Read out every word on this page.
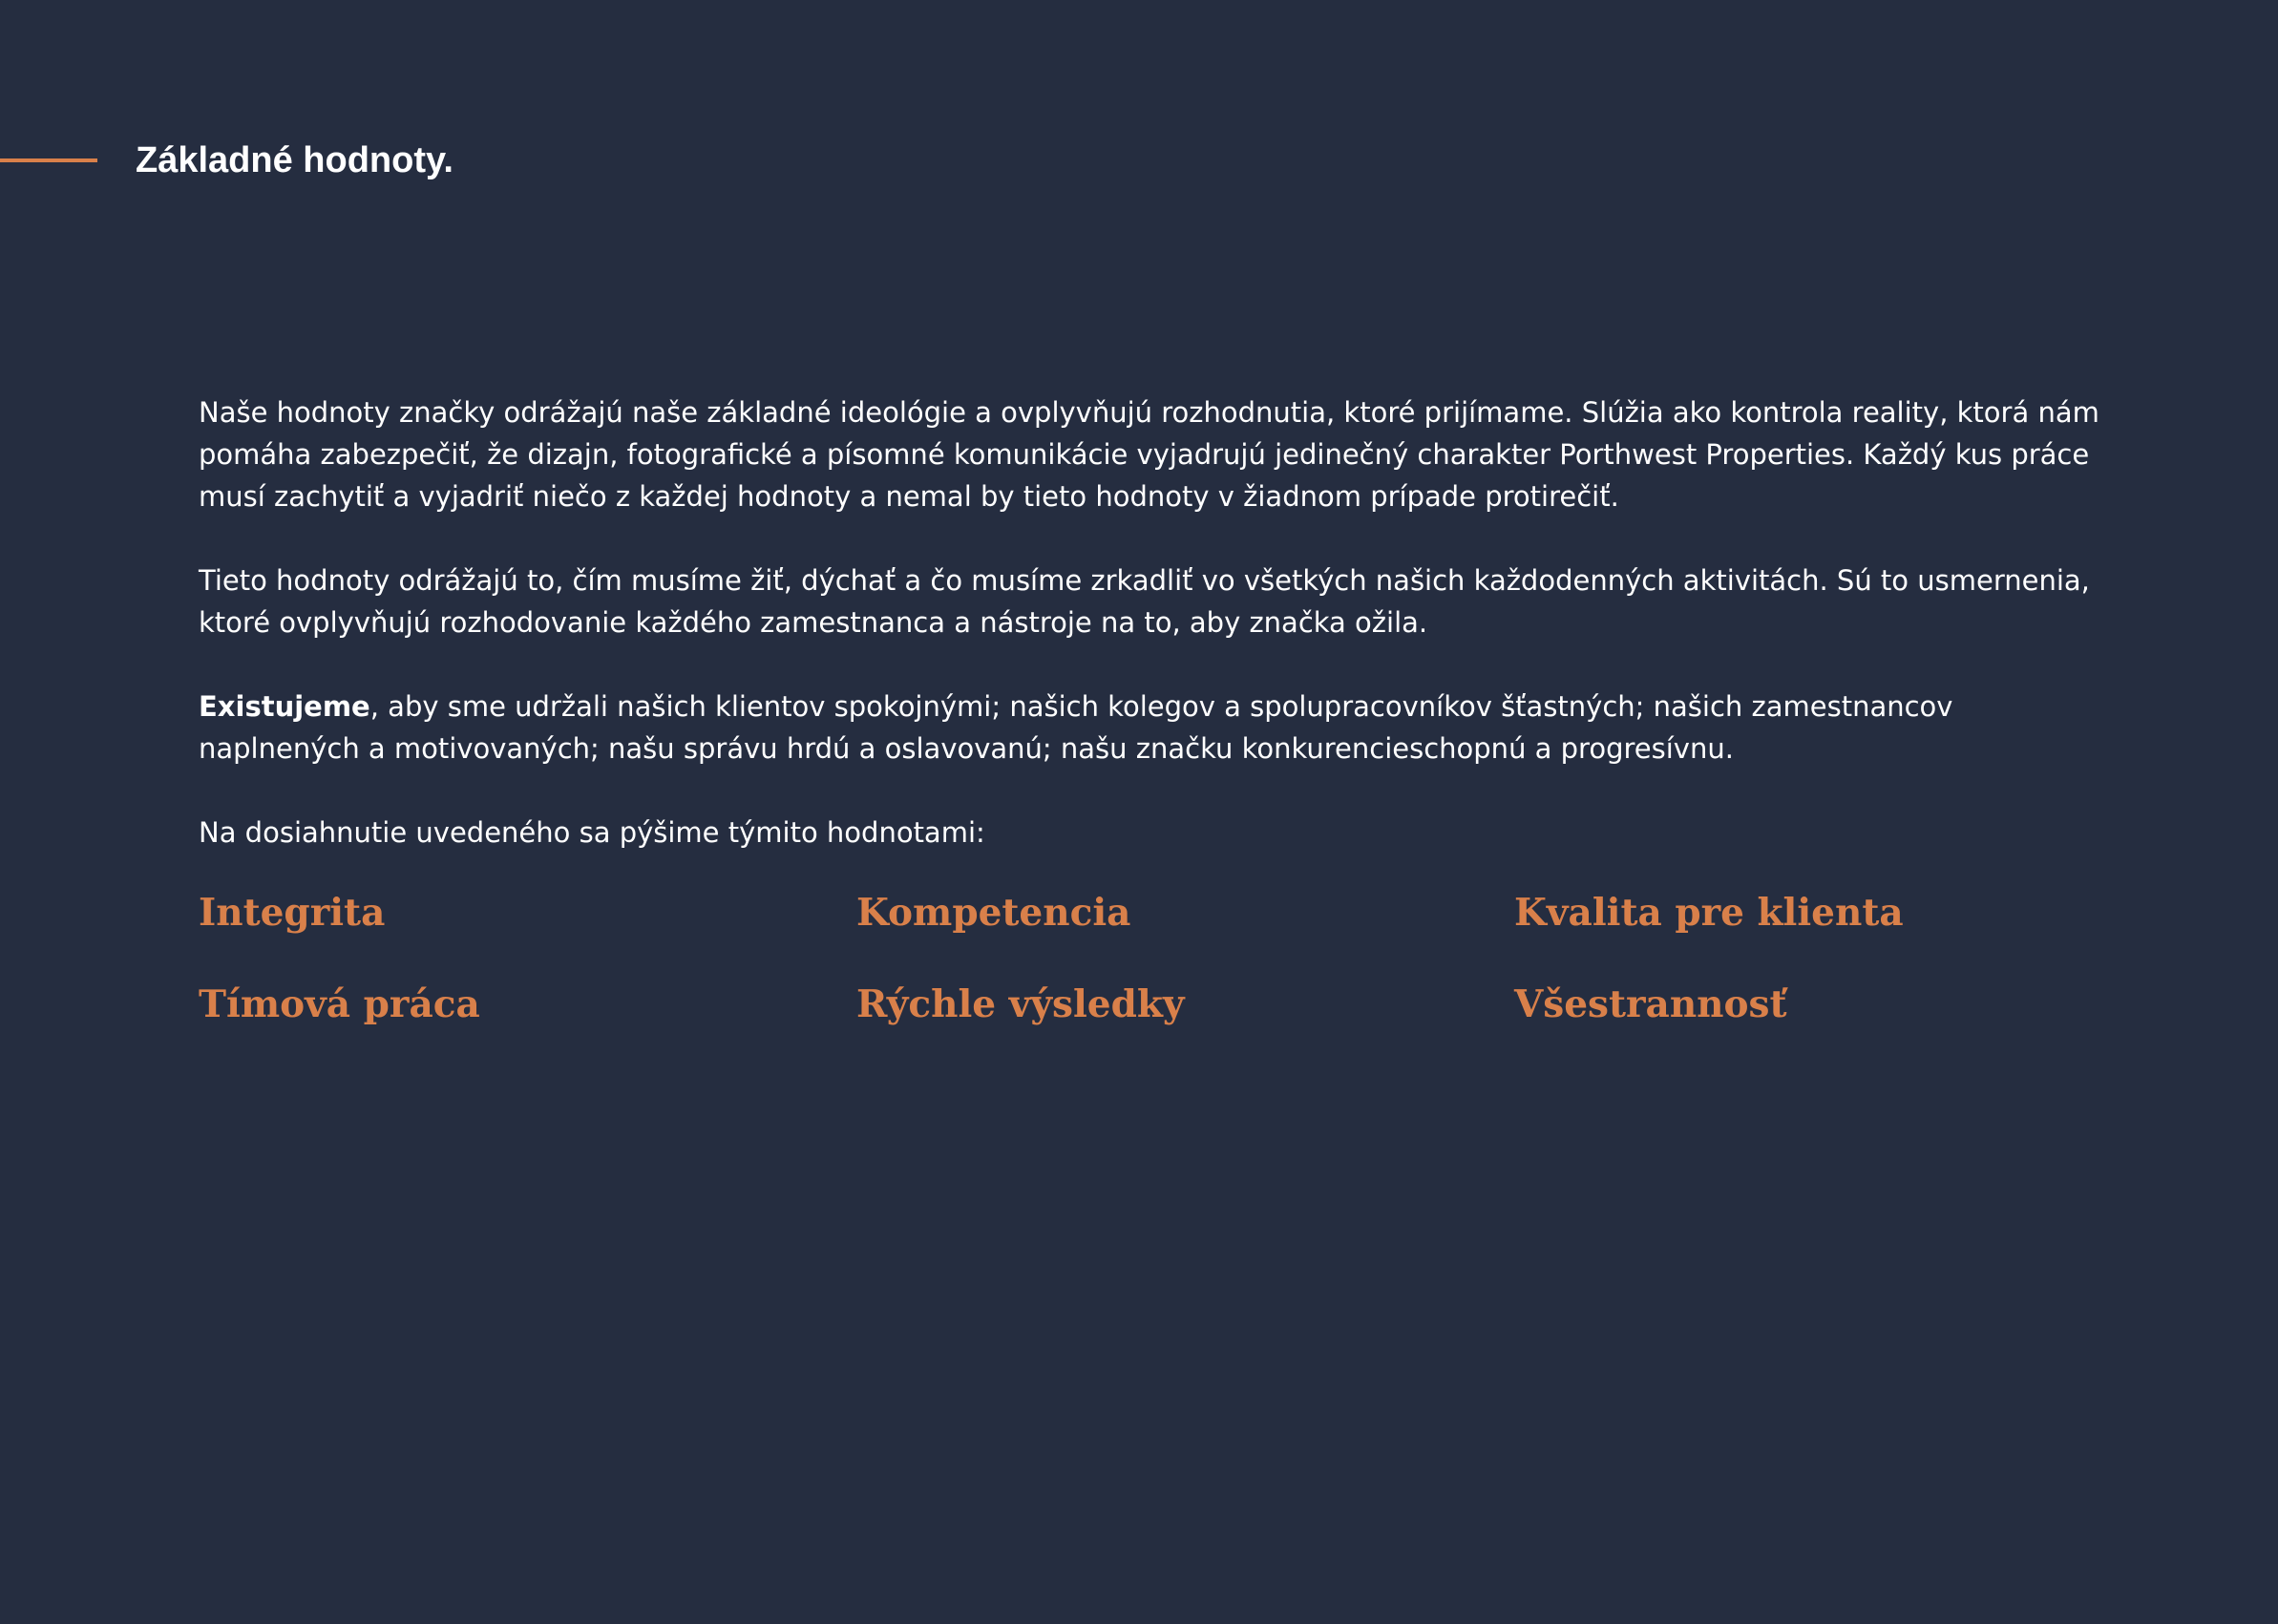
Základné hodnoty.

Naše hodnoty značky odrážajú naše základné ideológie a ovplyvňujú rozhodnutia, ktoré prijímame. Slúžia ako kontrola reality, ktorá nám pomáha zabezpečiť, že dizajn, fotografické a písomné komunikácie vyjadrujú jedinečný charakter Porthwest Properties. Každý kus práce musí zachytiť a vyjadriť niečo z každej hodnoty a nemal by tieto hodnoty v žiadnom prípade protirečiť.

Tieto hodnoty odrážajú to, čím musíme žiť, dýchať a čo musíme zrkadliť vo všetkých našich každodenných aktivitách. Sú to usmernenia, ktoré ovplyvňujú rozhodovanie každého zamestnanca a nástroje na to, aby značka ožila.

Existujeme, aby sme udržali našich klientov spokojnými; našich kolegov a spolupracovníkov šťastných; našich zamestnancov naplnených a motivovaných; našu správu hrdú a oslavovanú; našu značku konkurencieschopnú a progresívnu.

Na dosiahnutie uvedeného sa pýšime týmito hodnotami:

Integrita	Kompetencia	Kvalita pre klienta
Tímová práca	Rýchle výsledky	Všestrannosť
